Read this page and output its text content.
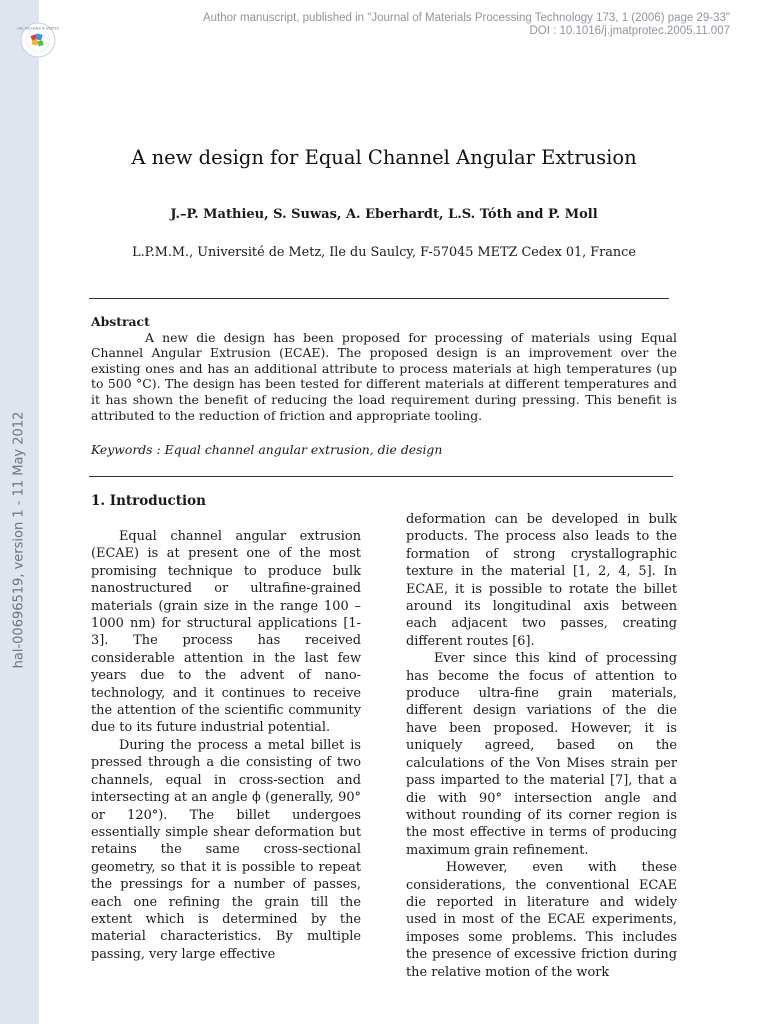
HAL ARCHIVES OUVERTES
hal-00696519, version 1 - 11 May 2012
Author manuscript, published in "Journal of Materials Processing Technology 173, 1 (2006) page 29-33"
DOI : 10.1016/j.jmatprotec.2005.11.007
A new design for Equal Channel Angular Extrusion
J.–P. Mathieu, S. Suwas, A. Eberhardt, L.S. Tóth and P. Moll
L.P.M.M., Université de Metz, Ile du Saulcy, F-57045 METZ Cedex 01, France
Abstract

A new die design has been proposed for processing of materials using Equal Channel Angular Extrusion (ECAE). The proposed design is an improvement over the existing ones and has an additional attribute to process materials at high temperatures (up to 500 °C). The design has been tested for different materials at different temperatures and it has shown the benefit of reducing the load requirement during pressing. This benefit is attributed to the reduction of friction and appropriate tooling.

Keywords : Equal channel angular extrusion, die design
1. Introduction

Equal channel angular extrusion (ECAE) is at present one of the most promising technique to produce bulk nanostructured or ultrafine-grained materials (grain size in the range 100 – 1000 nm) for structural applications [1-3]. The process has received considerable attention in the last few years due to the advent of nano-technology, and it continues to receive the attention of the scientific community due to its future industrial potential.

During the process a metal billet is pressed through a die consisting of two channels, equal in cross-section and intersecting at an angle ϕ (generally, 90° or 120°). The billet undergoes essentially simple shear deformation but retains the same cross-sectional geometry, so that it is possible to repeat the pressings for a number of passes, each one refining the grain till the extent which is determined by the material characteristics. By multiple passing, very large effective

deformation can be developed in bulk products. The process also leads to the formation of strong crystallographic texture in the material [1, 2, 4, 5]. In ECAE, it is possible to rotate the billet around its longitudinal axis between each adjacent two passes, creating different routes [6].

Ever since this kind of processing has become the focus of attention to produce ultra-fine grain materials, different design variations of the die have been proposed. However, it is uniquely agreed, based on the calculations of the Von Mises strain per pass imparted to the material [7], that a die with 90° intersection angle and without rounding of its corner region is the most effective in terms of producing maximum grain refinement.

However, even with these considerations, the conventional ECAE die reported in literature and widely used in most of the ECAE experiments, imposes some problems. This includes the presence of excessive friction during the relative motion of the work
